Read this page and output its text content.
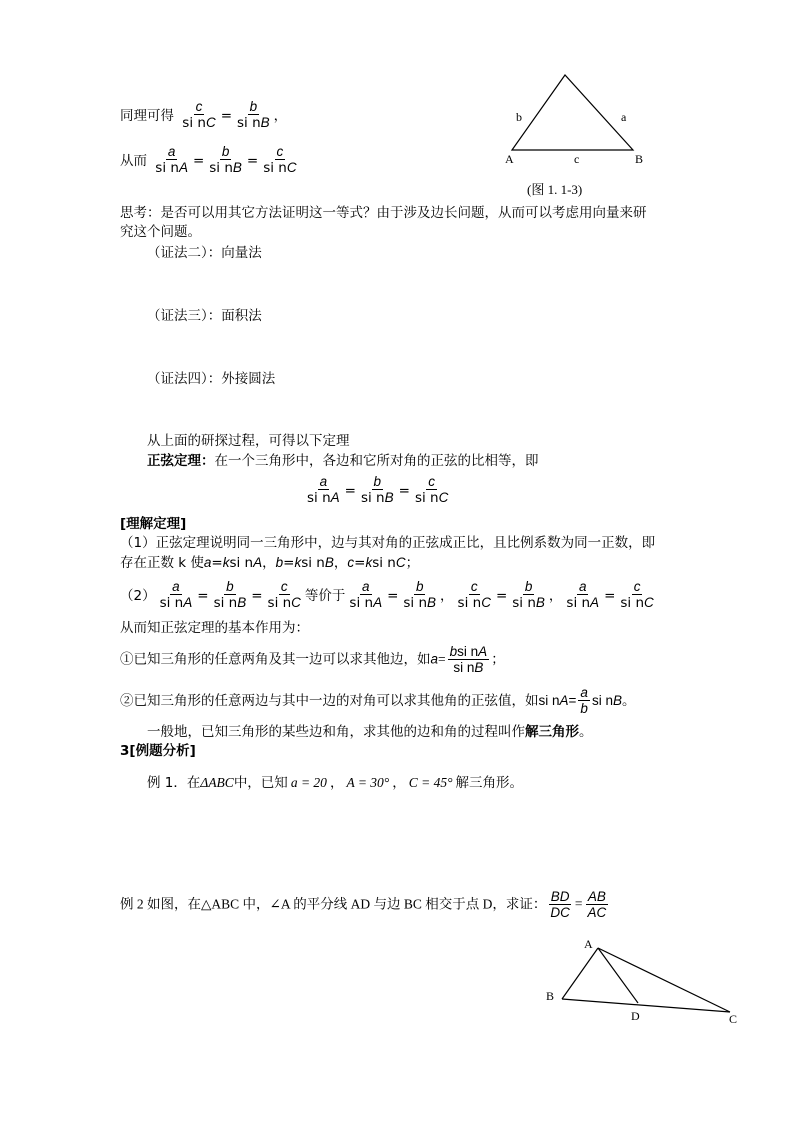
同理可得 $\frac{c}{\text{si nC}} = \frac{b}{\text{si nB}}$ ，
从而 $\frac{a}{\text{si nA}} = \frac{b}{\text{si nB}} = \frac{c}{\text{si nC}}$	A	B
b	a
c
(图 1. 1-3)
思考：是否可以用其它方法证明这一等式？由于涉及边长问题，从而可以考虑用向量来研
究这个问题。
（证法二）：向量法
（证法三）：面积法
（证法四）：外接圆法
从上面的研探过程，可得以下定理
正弦定理：在一个三角形中，各边和它所对角的正弦的比相等，即
$\frac{a}{\text{si nA}} = \frac{b}{\text{si nB}} = \frac{c}{\text{si nC}}$
[理解定理]
（1）正弦定理说明同一三角形中，边与其对角的正弦成正比，且比例系数为同一正数，即
存在正数 k 使a=ksi nA，b=ksi nB，c=ksi nC；
$(2) \frac{a}{\text{si nA}} = \frac{b}{\text{si nB}} = \frac{c}{\text{si nC}}$ 等价于 $\frac{a}{\text{si nA}} = \frac{b}{\text{si nB}}$ ， $\frac{c}{\text{si nC}} = \frac{b}{\text{si nB}}$ ， $\frac{a}{\text{si nA}} = \frac{c}{\text{si nC}}$
从而知正弦定理的基本作用为：
①已知三角形的任意两角及其一边可以求其他边，如a= bsi nA
si nB
；
②已知三角形的任意两边与其中一边的对角可以求其他角的正弦值，如si $nA= \frac{a}{b}$ si nB。
一般地，已知三角形的某些边和角，求其他的边和角的过程叫作解三角形。
3[例题分析]
例 1．在ΔABC中，已知 a = 20 ， A = 30° ， C = 45° 解三角形。
例 2 如图，在△ABC 中，∠A 的平分线 AD 与边 BC 相交于点 D，求证： $\frac{BD}{DC} = \frac{AB}{AC}$
A
B
C
D
